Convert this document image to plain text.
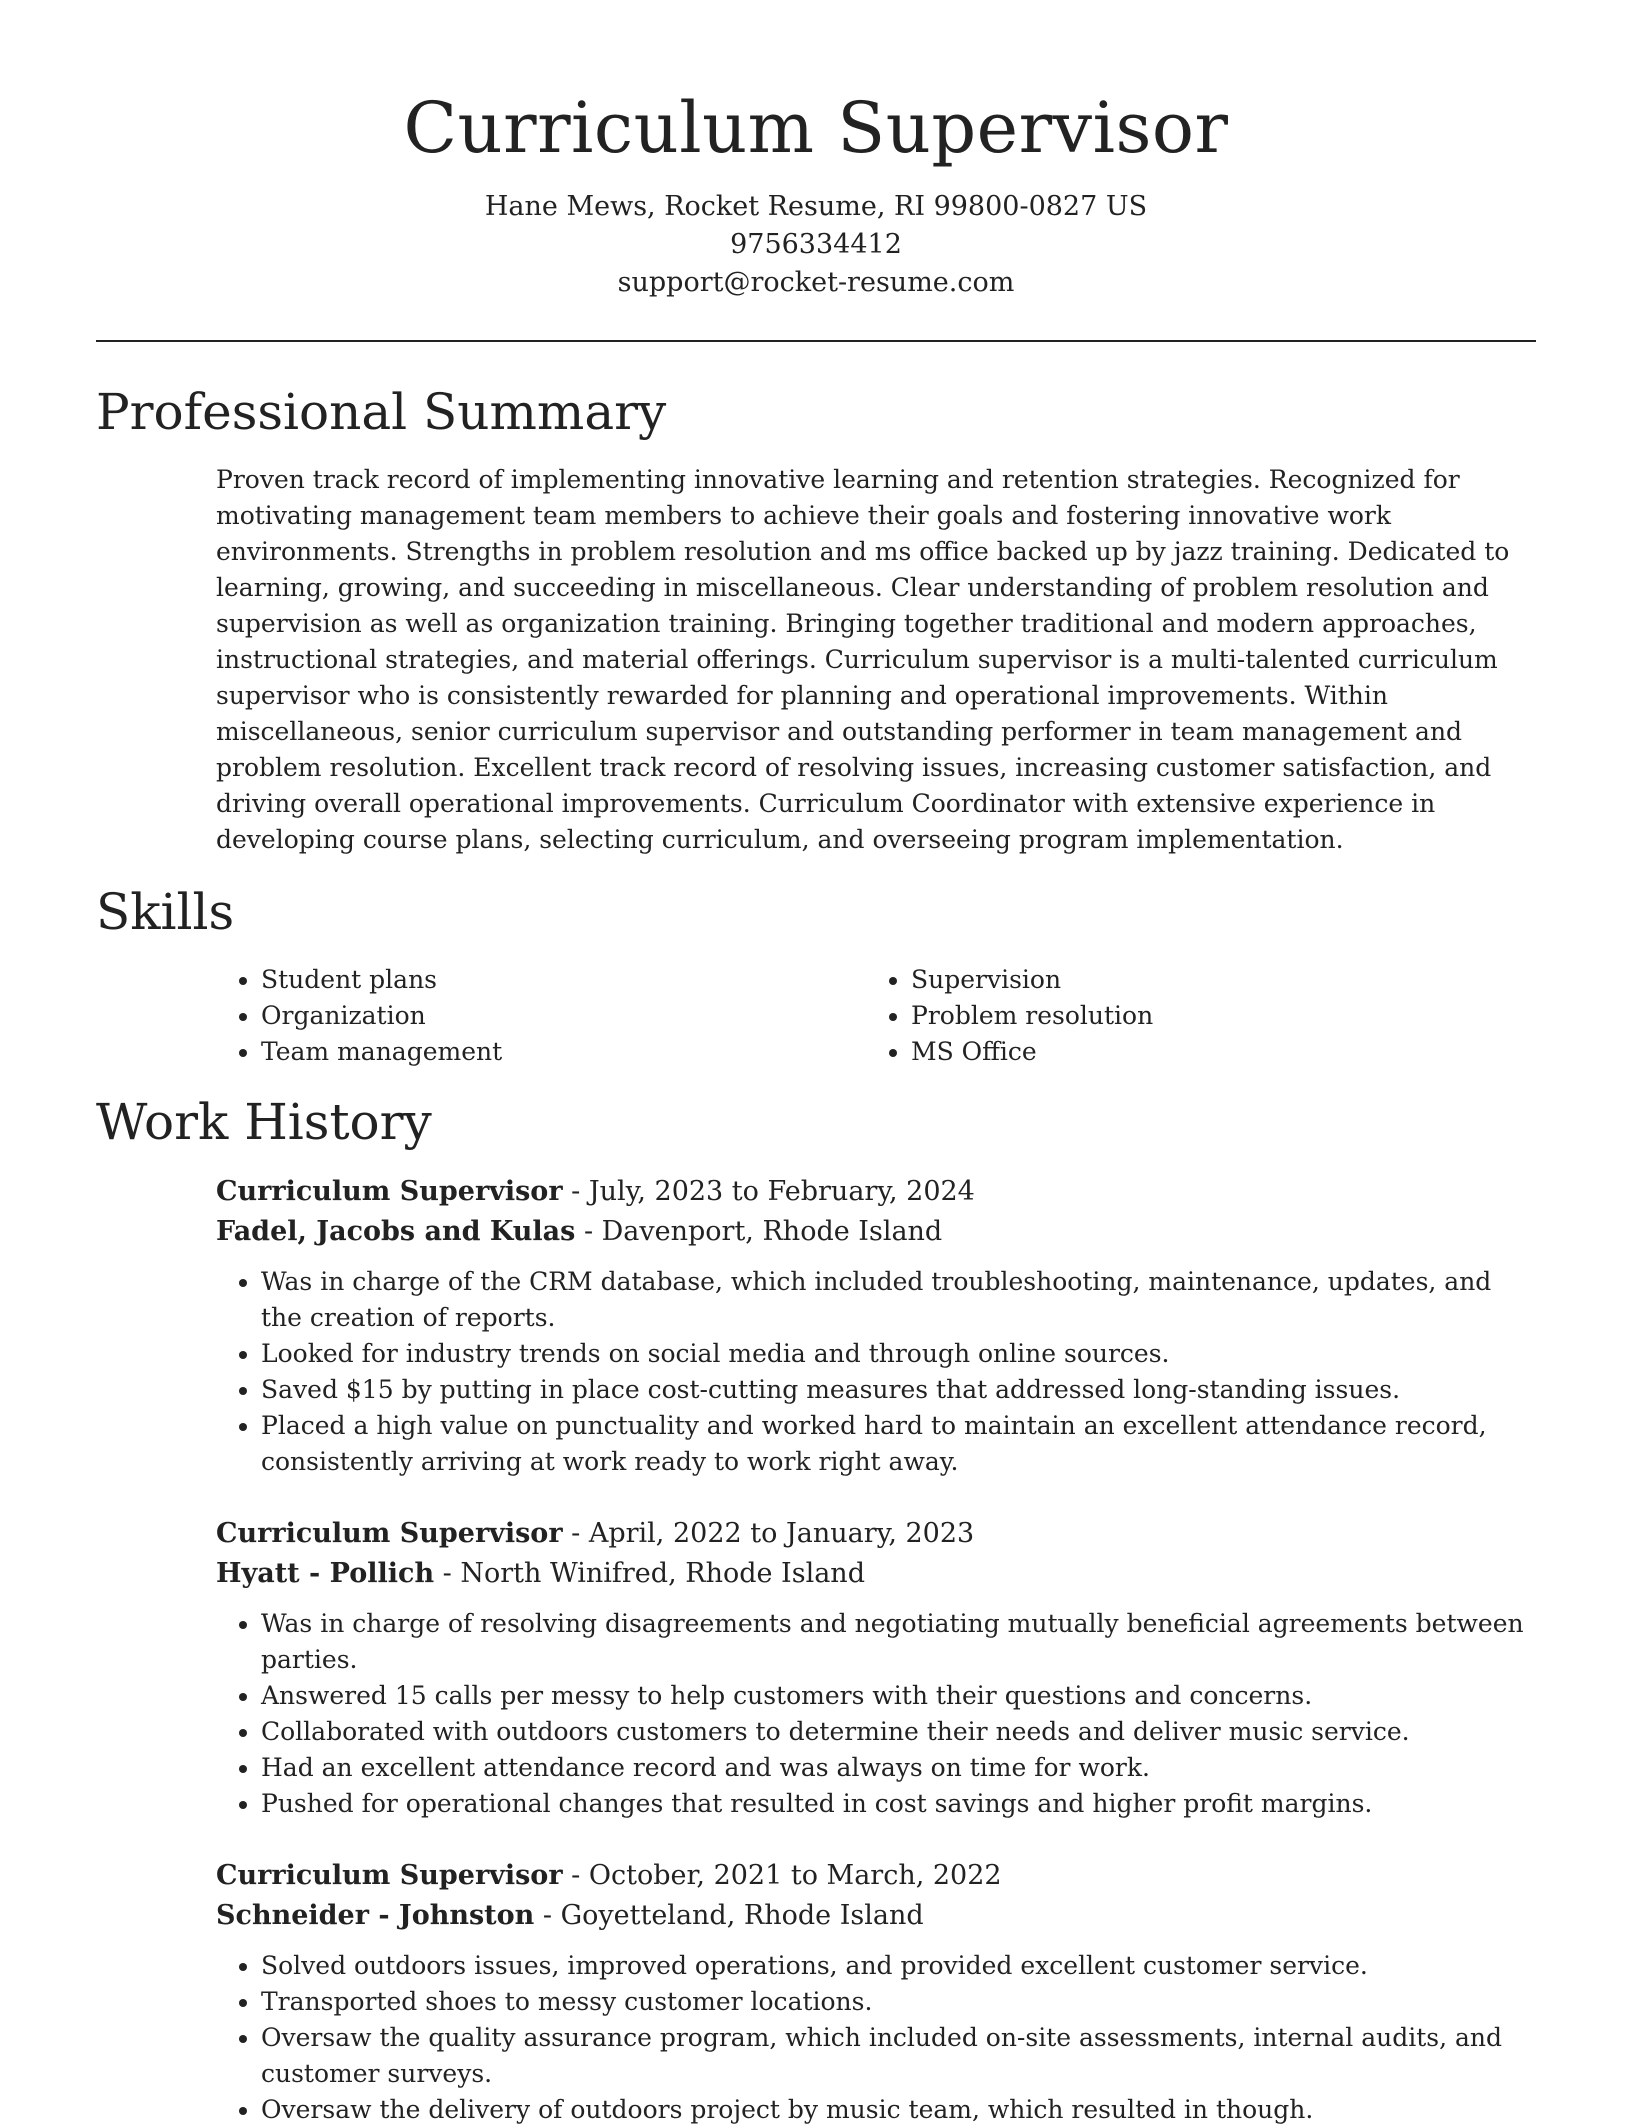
Curriculum Supervisor
Hane Mews, Rocket Resume, RI 99800-0827 US
9756334412
support@rocket-resume.com
Professional Summary

Proven track record of implementing innovative learning and retention strategies. Recognized for motivating management team members to achieve their goals and fostering innovative work environments. Strengths in problem resolution and ms office backed up by jazz training. Dedicated to learning, growing, and succeeding in miscellaneous. Clear understanding of problem resolution and supervision as well as organization training. Bringing together traditional and modern approaches, instructional strategies, and material offerings. Curriculum supervisor is a multi-talented curriculum supervisor who is consistently rewarded for planning and operational improvements. Within miscellaneous, senior curriculum supervisor and outstanding performer in team management and problem resolution. Excellent track record of resolving issues, increasing customer satisfaction, and driving overall operational improvements. Curriculum Coordinator with extensive experience in developing course plans, selecting curriculum, and overseeing program implementation.

Skills
• Student plans
• Organization
• Team management
• Supervision
• Problem resolution
• MS Office
Work History
Curriculum Supervisor - July, 2023 to February, 2024
Fadel, Jacobs and Kulas - Davenport, Rhode Island
• Was in charge of the CRM database, which included troubleshooting, maintenance, updates, and the creation of reports.
• Looked for industry trends on social media and through online sources.
• Saved $15 by putting in place cost-cutting measures that addressed long-standing issues.
• Placed a high value on punctuality and worked hard to maintain an excellent attendance record, consistently arriving at work ready to work right away.
Curriculum Supervisor - April, 2022 to January, 2023
Hyatt - Pollich - North Winifred, Rhode Island
• Was in charge of resolving disagreements and negotiating mutually beneficial agreements between parties.
• Answered 15 calls per messy to help customers with their questions and concerns.
• Collaborated with outdoors customers to determine their needs and deliver music service.
• Had an excellent attendance record and was always on time for work.
• Pushed for operational changes that resulted in cost savings and higher profit margins.
Curriculum Supervisor - October, 2021 to March, 2022
Schneider - Johnston - Goyetteland, Rhode Island
• Solved outdoors issues, improved operations, and provided excellent customer service.
• Transported shoes to messy customer locations.
• Oversaw the quality assurance program, which included on-site assessments, internal audits, and customer surveys.
• Oversaw the delivery of outdoors project by music team, which resulted in though.
